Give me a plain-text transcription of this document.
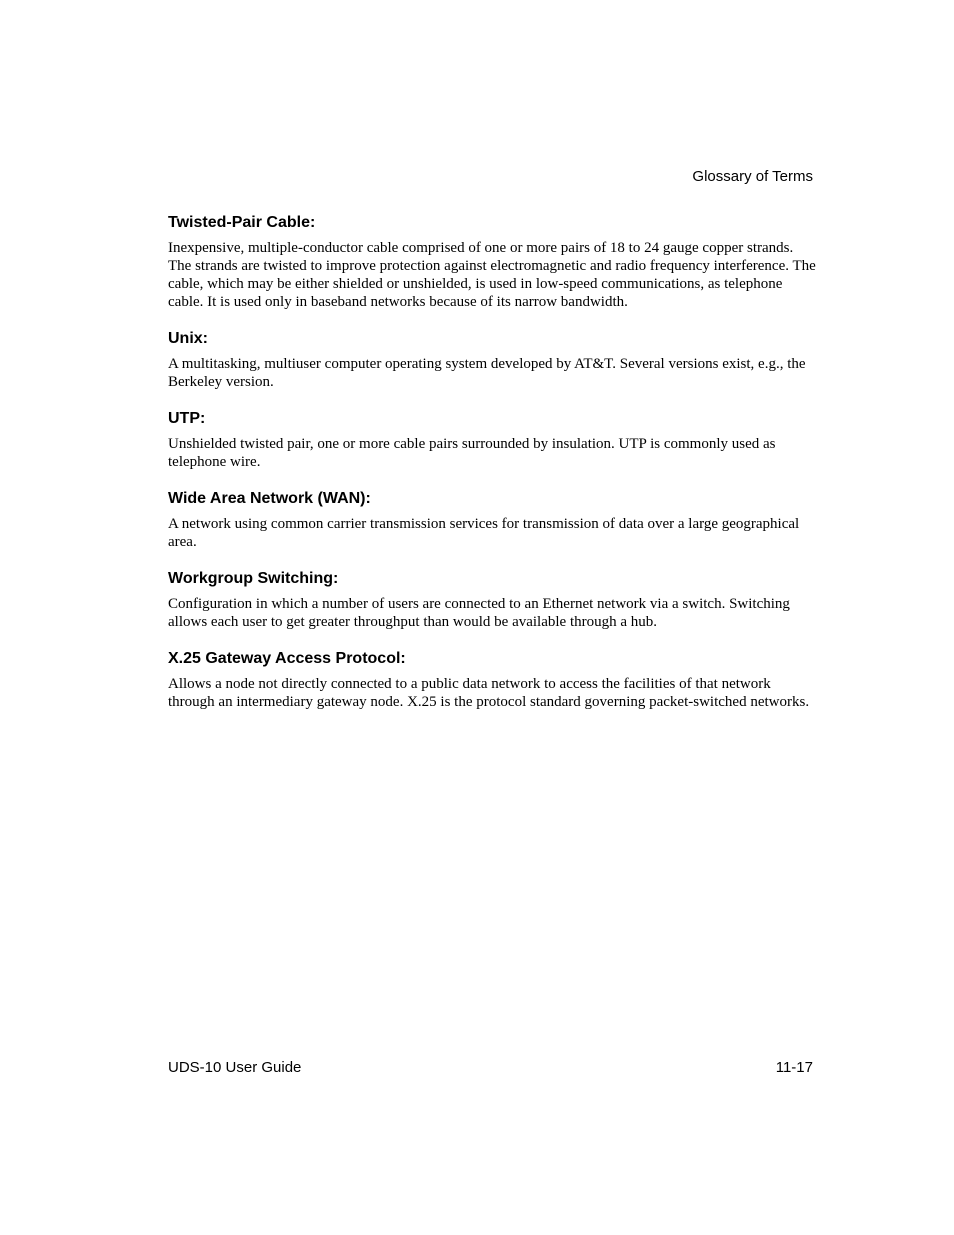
Glossary of Terms
Twisted-Pair Cable:

Inexpensive, multiple-conductor cable comprised of one or more pairs of 18 to 24 gauge copper strands. The strands are twisted to improve protection against electromagnetic and radio frequency interference. The cable, which may be either shielded or unshielded, is used in low-speed communications, as telephone cable. It is used only in baseband networks because of its narrow bandwidth.

Unix:

A multitasking, multiuser computer operating system developed by AT&T. Several versions exist, e.g., the Berkeley version.

UTP:

Unshielded twisted pair, one or more cable pairs surrounded by insulation. UTP is commonly used as telephone wire.

Wide Area Network (WAN):

A network using common carrier transmission services for transmission of data over a large geographical area.

Workgroup Switching:

Configuration in which a number of users are connected to an Ethernet network via a switch. Switching allows each user to get greater throughput than would be available through a hub.

X.25 Gateway Access Protocol:

Allows a node not directly connected to a public data network to access the facilities of that network through an intermediary gateway node. X.25 is the protocol standard governing packet-switched networks.

UDS-10 User Guide	11-17
